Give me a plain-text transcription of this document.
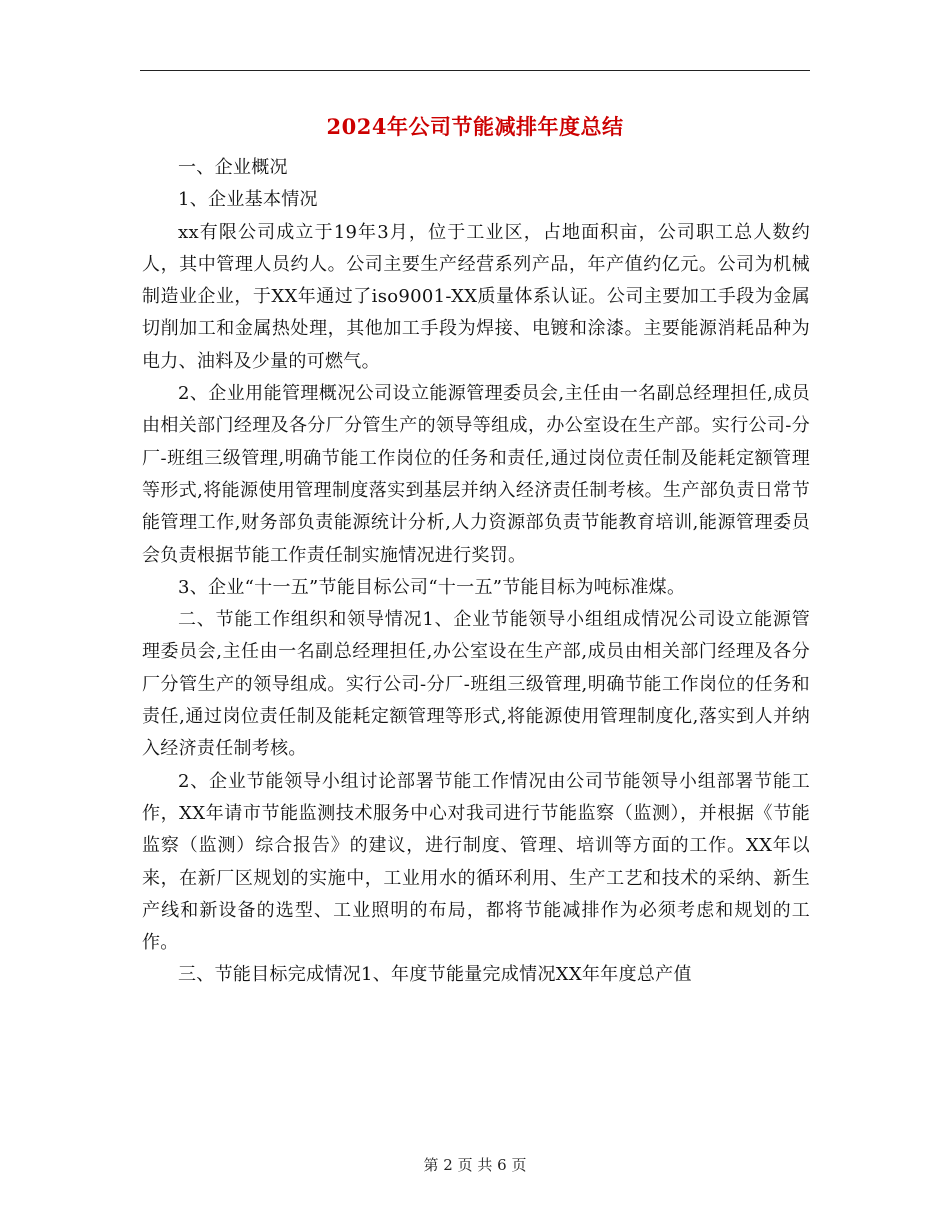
2024年公司节能减排年度总结

一、企业概况

1、企业基本情况

xx有限公司成立于19年3月，位于工业区，占地面积亩，公司职工总人数约人，其中管理人员约人。公司主要生产经营系列产品，年产值约亿元。公司为机械制造业企业，于XX年通过了iso9001-XX质量体系认证。公司主要加工手段为金属切削加工和金属热处理，其他加工手段为焊接、电镀和涂漆。主要能源消耗品种为电力、油料及少量的可燃气。

2、企业用能管理概况公司设立能源管理委员会,主任由一名副总经理担任,成员由相关部门经理及各分厂分管生产的领导等组成，办公室设在生产部。实行公司-分厂-班组三级管理,明确节能工作岗位的任务和责任,通过岗位责任制及能耗定额管理等形式,将能源使用管理制度落实到基层并纳入经济责任制考核。生产部负责日常节能管理工作,财务部负责能源统计分析,人力资源部负责节能教育培训,能源管理委员会负责根据节能工作责任制实施情况进行奖罚。

3、企业“十一五”节能目标公司“十一五”节能目标为吨标准煤。

二、节能工作组织和领导情况1、企业节能领导小组组成情况公司设立能源管理委员会,主任由一名副总经理担任,办公室设在生产部,成员由相关部门经理及各分厂分管生产的领导组成。实行公司-分厂-班组三级管理,明确节能工作岗位的任务和责任,通过岗位责任制及能耗定额管理等形式,将能源使用管理制度化,落实到人并纳入经济责任制考核。

2、企业节能领导小组讨论部署节能工作情况由公司节能领导小组部署节能工作，XX年请市节能监测技术服务中心对我司进行节能监察（监测），并根据《节能监察（监测）综合报告》的建议，进行制度、管理、培训等方面的工作。XX年以来，在新厂区规划的实施中，工业用水的循环利用、生产工艺和技术的采纳、新生产线和新设备的选型、工业照明的布局，都将节能减排作为必须考虑和规划的工作。

三、节能目标完成情况1、年度节能量完成情况XX年年度总产值

第 2 页 共 6 页
